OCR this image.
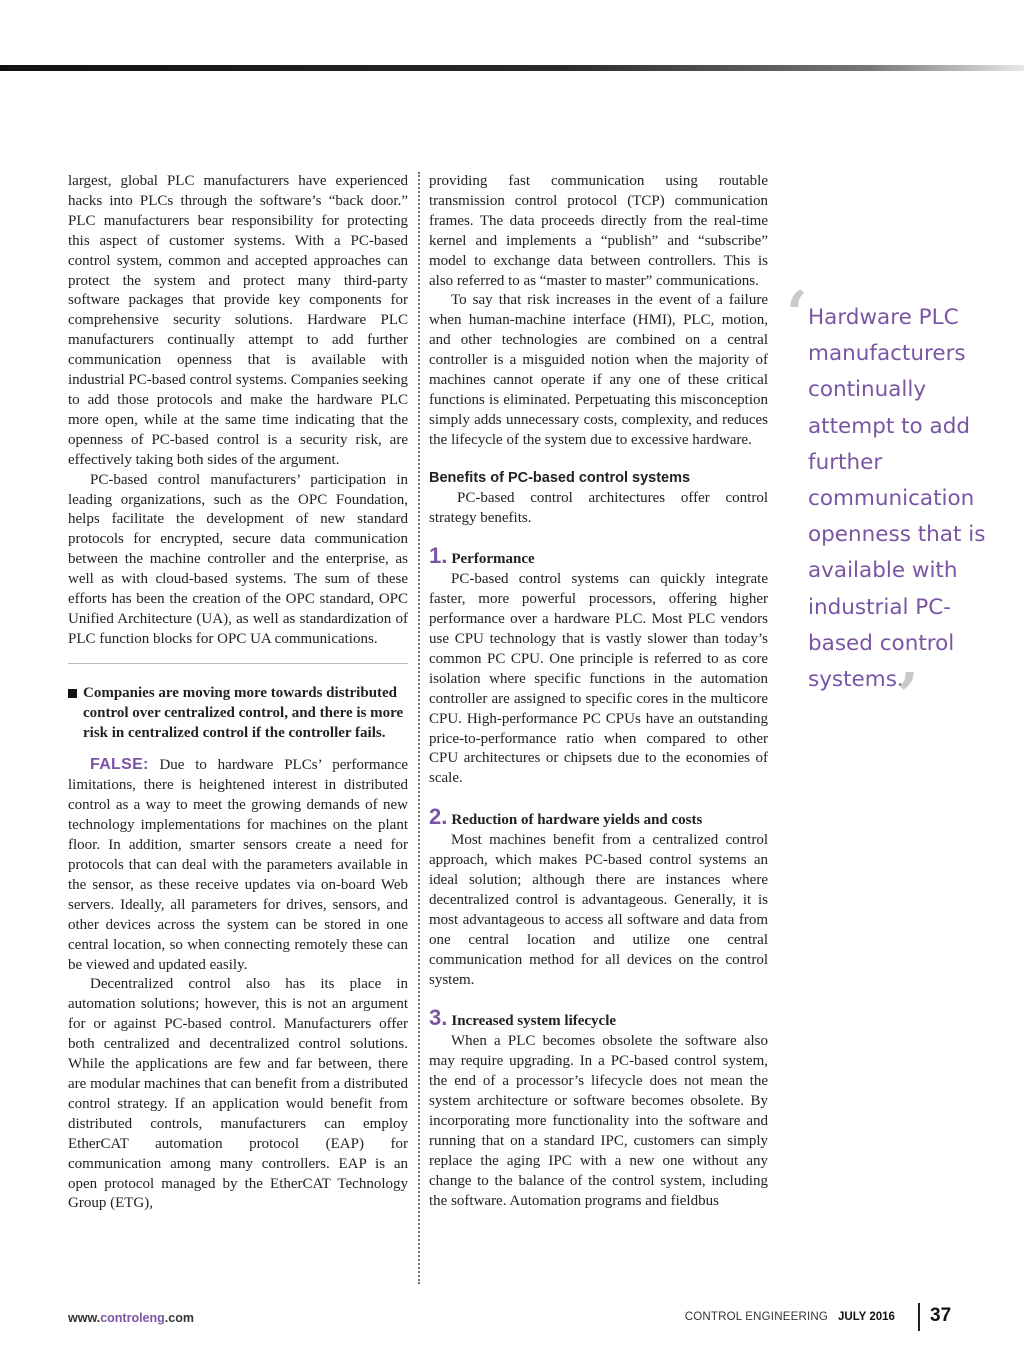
largest, global PLC manufacturers have experienced hacks into PLCs through the software’s “back door.” PLC manufacturers bear responsibility for protecting this aspect of customer systems. With a PC-based control system, common and accepted approaches can protect the system and protect many third-party software packages that provide key components for comprehensive security solutions. Hardware PLC manufacturers continually attempt to add further communication openness that is available with industrial PC-based control systems. Companies seeking to add those protocols and make the hardware PLC more open, while at the same time indicating that the openness of PC-based control is a security risk, are effectively taking both sides of the argument.

PC-based control manufacturers’ participation in leading organizations, such as the OPC Foundation, helps facilitate the development of new standard protocols for encrypted, secure data communication between the machine controller and the enterprise, as well as with cloud-based systems. The sum of these efforts has been the creation of the OPC standard, OPC Unified Architecture (UA), as well as standardization of PLC function blocks for OPC UA communications.

Companies are moving more towards distributed control over centralized control, and there is more risk in centralized control if the controller fails.

FALSE: Due to hardware PLCs’ performance limitations, there is heightened interest in distributed control as a way to meet the growing demands of new technology implementations for machines on the plant floor. In addition, smarter sensors create a need for protocols that can deal with the parameters available in the sensor, as these receive updates via on-board Web servers. Ideally, all parameters for drives, sensors, and other devices across the system can be stored in one central location, so when connecting remotely these can be viewed and updated easily.

Decentralized control also has its place in automation solutions; however, this is not an argument for or against PC-based control. Manufacturers offer both centralized and decentralized control solutions. While the applications are few and far between, there are modular machines that can benefit from a distributed control strategy. If an application would benefit from distributed controls, manufacturers can employ EtherCAT automation protocol (EAP) for communication among many controllers. EAP is an open protocol managed by the EtherCAT Technology Group (ETG),

providing fast communication using routable transmission control protocol (TCP) communication frames. The data proceeds directly from the real-time kernel and implements a “publish” and “subscribe” model to exchange data between controllers. This is also referred to as “master to master” communications.

To say that risk increases in the event of a failure when human-machine interface (HMI), PLC, motion, and other technologies are combined on a central controller is a misguided notion when the majority of machines cannot operate if any one of these critical functions is eliminated. Perpetuating this misconception simply adds unnecessary costs, complexity, and reduces the lifecycle of the system due to excessive hardware.

Benefits of PC-based control systems

PC-based control architectures offer control strategy benefits.

1. Performance

PC-based control systems can quickly integrate faster, more powerful processors, offering higher performance over a hardware PLC. Most PLC vendors use CPU technology that is vastly slower than today’s common PC CPU. One principle is referred to as core isolation where specific functions in the automation controller are assigned to specific cores in the multicore CPU. High-performance PC CPUs have an outstanding price-to-performance ratio when compared to other CPU architectures or chipsets due to the economies of scale.

2. Reduction of hardware yields and costs

Most machines benefit from a centralized control approach, which makes PC-based control systems an ideal solution; although there are instances where decentralized control is advantageous. Generally, it is most advantageous to access all software and data from one central location and utilize one central communication method for all devices on the control system.

3. Increased system lifecycle

When a PLC becomes obsolete the software also may require upgrading. In a PC-based control system, the end of a processor’s lifecycle does not mean the system architecture or software becomes obsolete. By incorporating more functionality into the software and running that on a standard IPC, customers can simply replace the aging IPC with a new one without any change to the balance of the control system, including the software. Automation programs and fieldbus

‘ Hardware PLC manufacturers continually attempt to add further communication openness that is available with industrial PC-based control systems.
’
www.controleng.com	CONTROL ENGINEERING JULY 2016 37
